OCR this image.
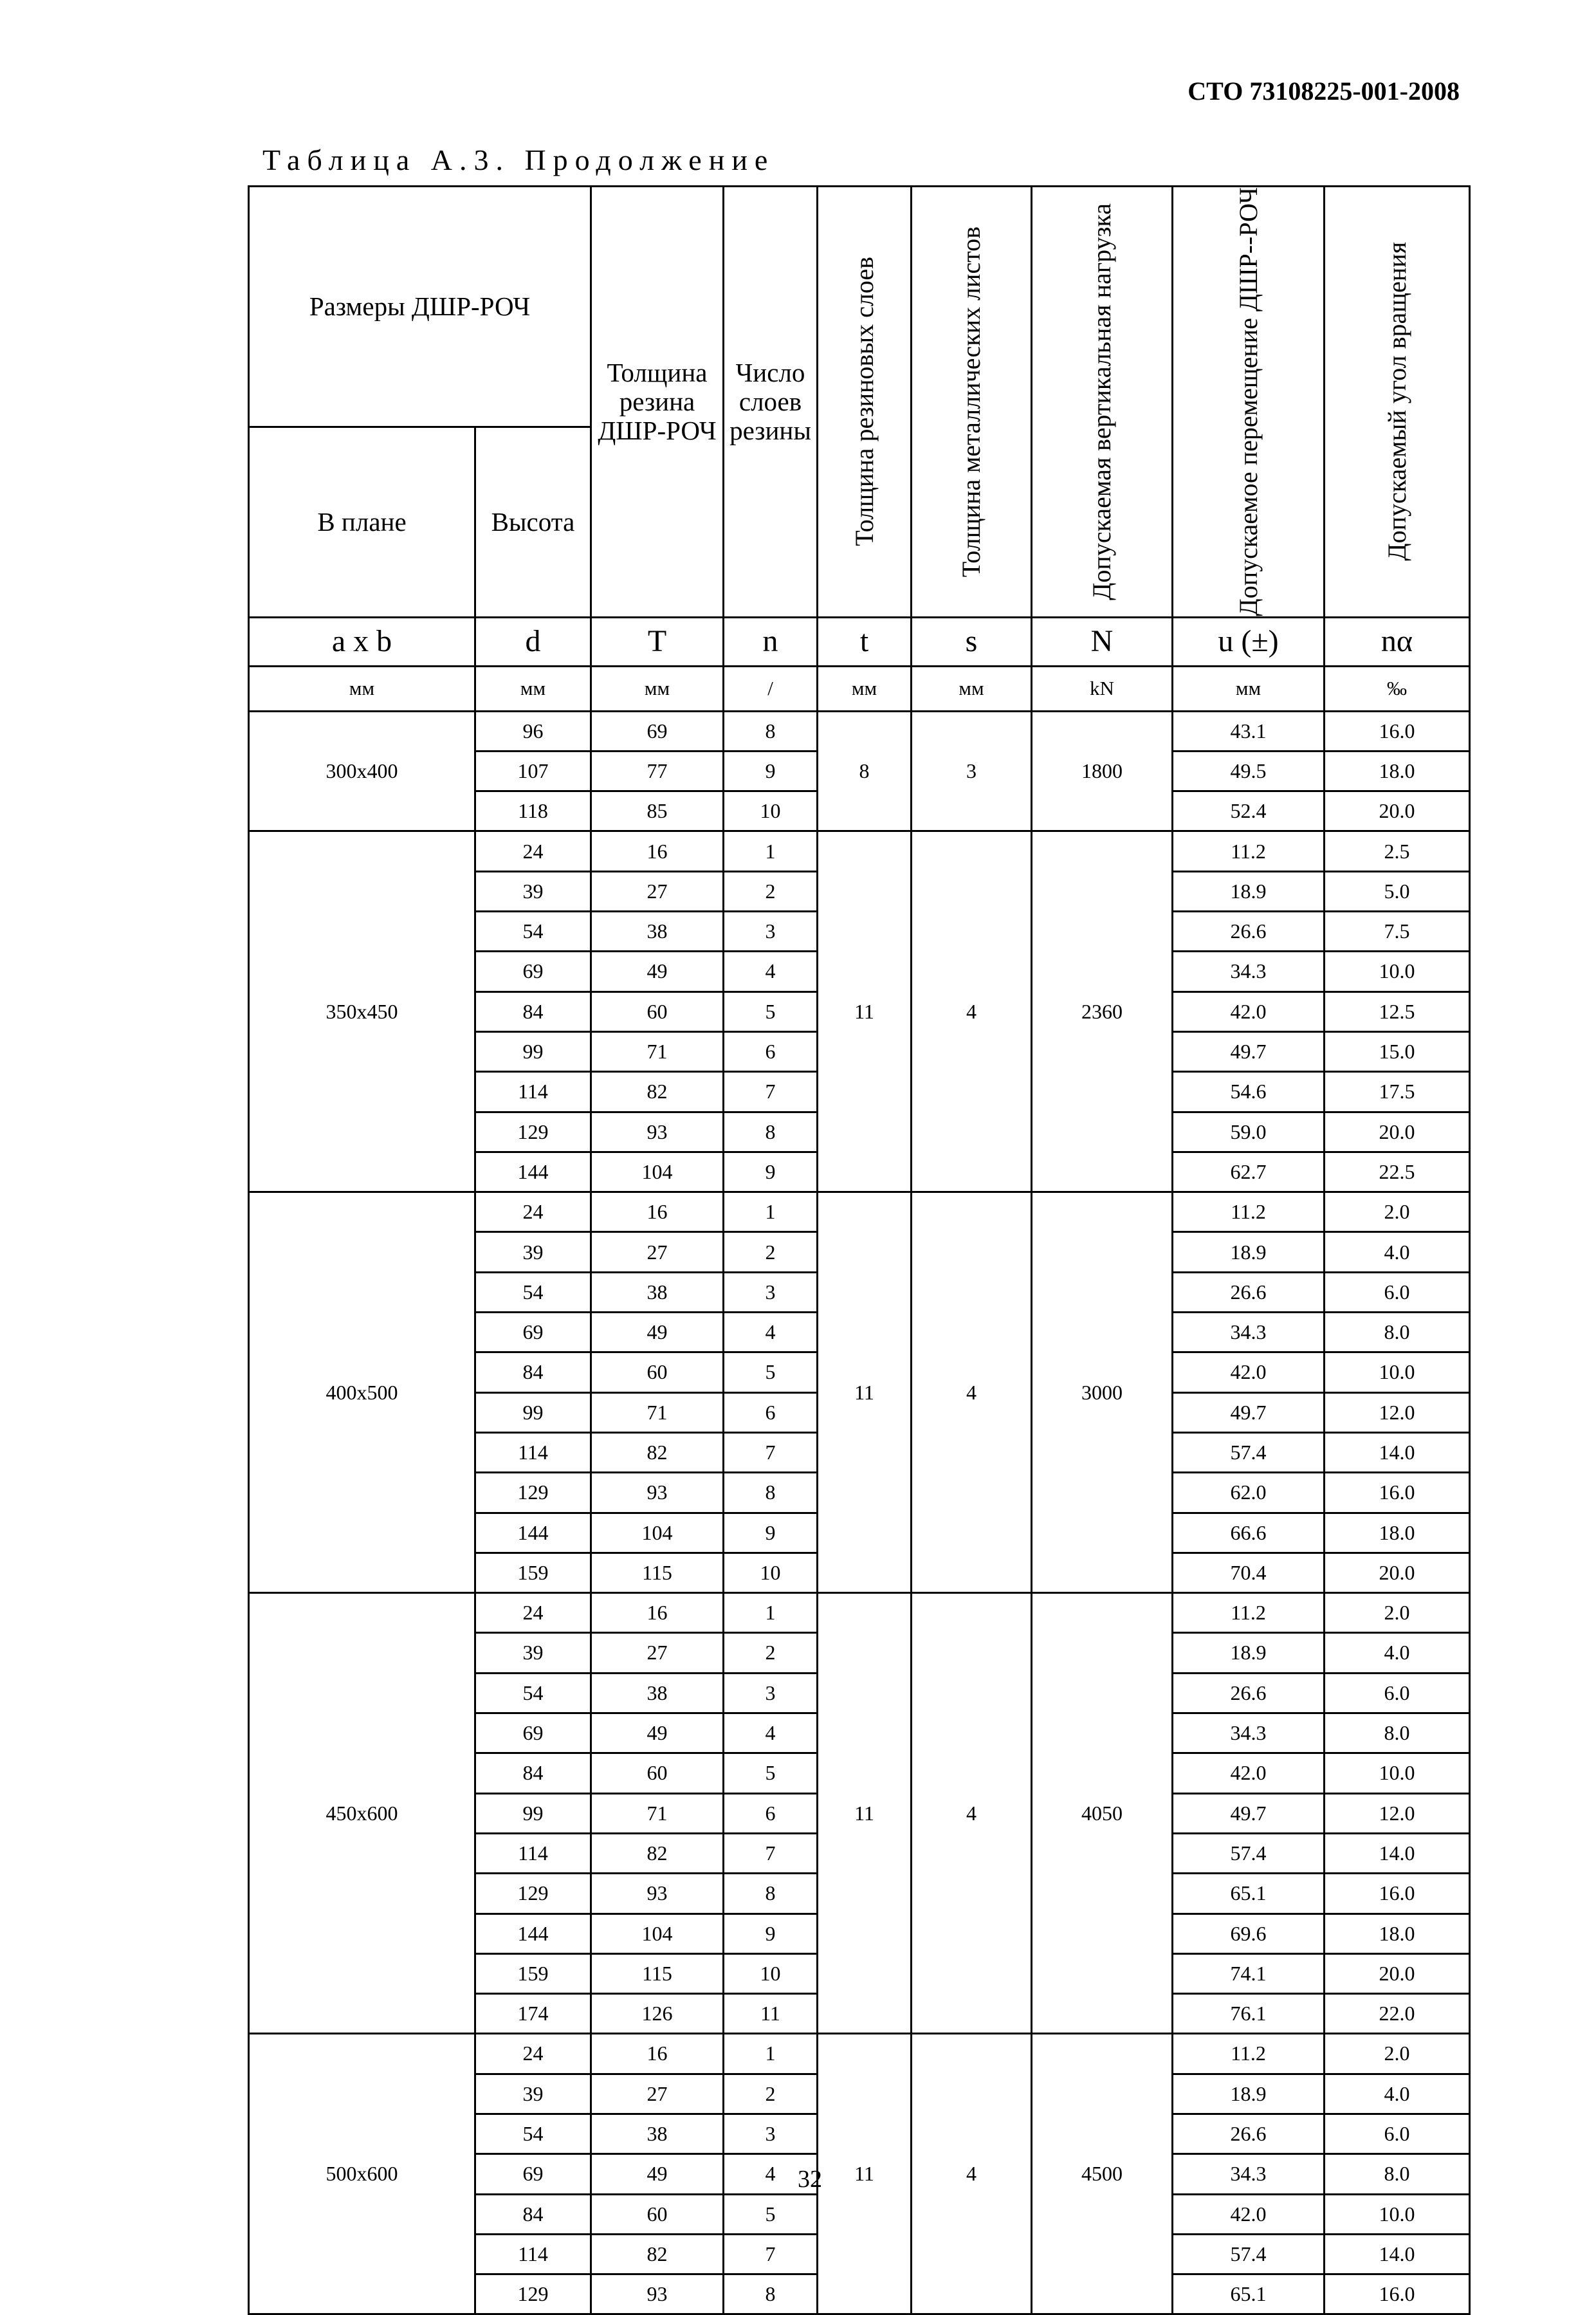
СТО 73108225-001-2008
Таблица А.3. Продолжение
Размеры ДШР-РОЧ		Толщина резина ДШР-РОЧ	Число слоев резины	Толщина резиновых слоев	Толщина металлических листов	Допускаемая вертикальная нагрузка	Допускаемое перемещение ДШР--РОЧ	Допускаемый угол вращения

В плане	Высота							
a x b	d	T	n	t	s	N	u (±)	nα
мм	мм	мм	/	мм	мм	kN	мм	‰
300x400	96	69	8	8	3	1800	43.1	16.0
	107	77	9				49.5	18.0
	118	85	10				52.4	20.0
350x450	24	16	1	11	4	2360	11.2	2.5
	39	27	2				18.9	5.0
	54	38	3				26.6	7.5
	69	49	4				34.3	10.0
	84	60	5				42.0	12.5
	99	71	6				49.7	15.0
	114	82	7				54.6	17.5
	129	93	8				59.0	20.0
	144	104	9				62.7	22.5
400x500	24	16	1	11	4	3000	11.2	2.0
	39	27	2				18.9	4.0
	54	38	3				26.6	6.0
	69	49	4				34.3	8.0
	84	60	5				42.0	10.0
	99	71	6				49.7	12.0
	114	82	7				57.4	14.0
	129	93	8				62.0	16.0
	144	104	9				66.6	18.0
	159	115	10				70.4	20.0
450x600	24	16	1	11	4	4050	11.2	2.0
	39	27	2				18.9	4.0
	54	38	3				26.6	6.0
	69	49	4				34.3	8.0
	84	60	5				42.0	10.0
	99	71	6				49.7	12.0
	114	82	7				57.4	14.0
	129	93	8				65.1	16.0
	144	104	9				69.6	18.0
	159	115	10				74.1	20.0
	174	126	11				76.1	22.0
500x600	24	16	1	11	4	4500	11.2	2.0
	39	27	2				18.9	4.0
	54	38	3				26.6	6.0
	69	49	4				34.3	8.0
	84	60	5				42.0	10.0
	114	82	7				57.4	14.0
	129	93	8				65.1	16.0
32
